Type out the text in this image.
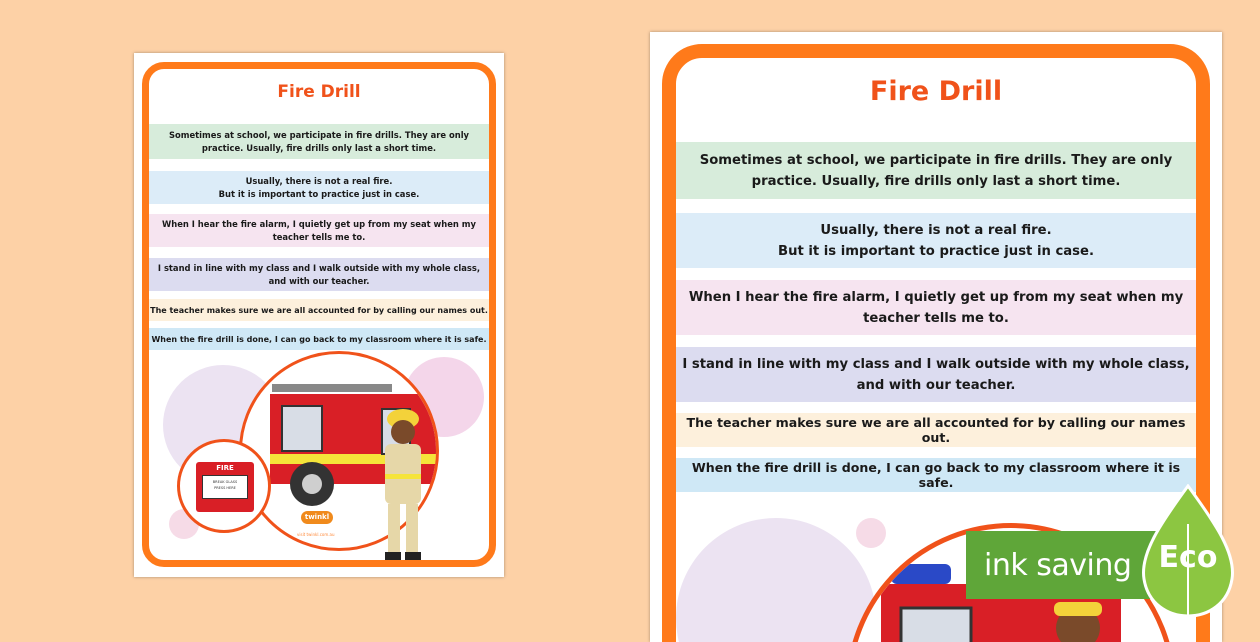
Fire Drill
Sometimes at school, we participate in fire drills. They are only
practice. Usually, fire drills only last a short time.
Usually, there is not a real fire.
But it is important to practice just in case.
When I hear the fire alarm, I quietly get up from my seat when my
teacher tells me to.
I stand in line with my class and I walk outside with my whole class,
and with our teacher.
The teacher makes sure we are all accounted for by calling our names out.
When the fire drill is done, I can go back to my classroom where it is safe.
FIRE
BREAK GLASS
PRESS HERE
twinkl
visit twinkl.com.au
Fire Drill
Sometimes at school, we participate in fire drills. They are only
practice. Usually, fire drills only last a short time.
Usually, there is not a real fire.
But it is important to practice just in case.
When I hear the fire alarm, I quietly get up from my seat when my
teacher tells me to.
I stand in line with my class and I walk outside with my whole class,
and with our teacher.
The teacher makes sure we are all accounted for by calling our names out.
When the fire drill is done, I can go back to my classroom where it is safe.
ink saving Eco
